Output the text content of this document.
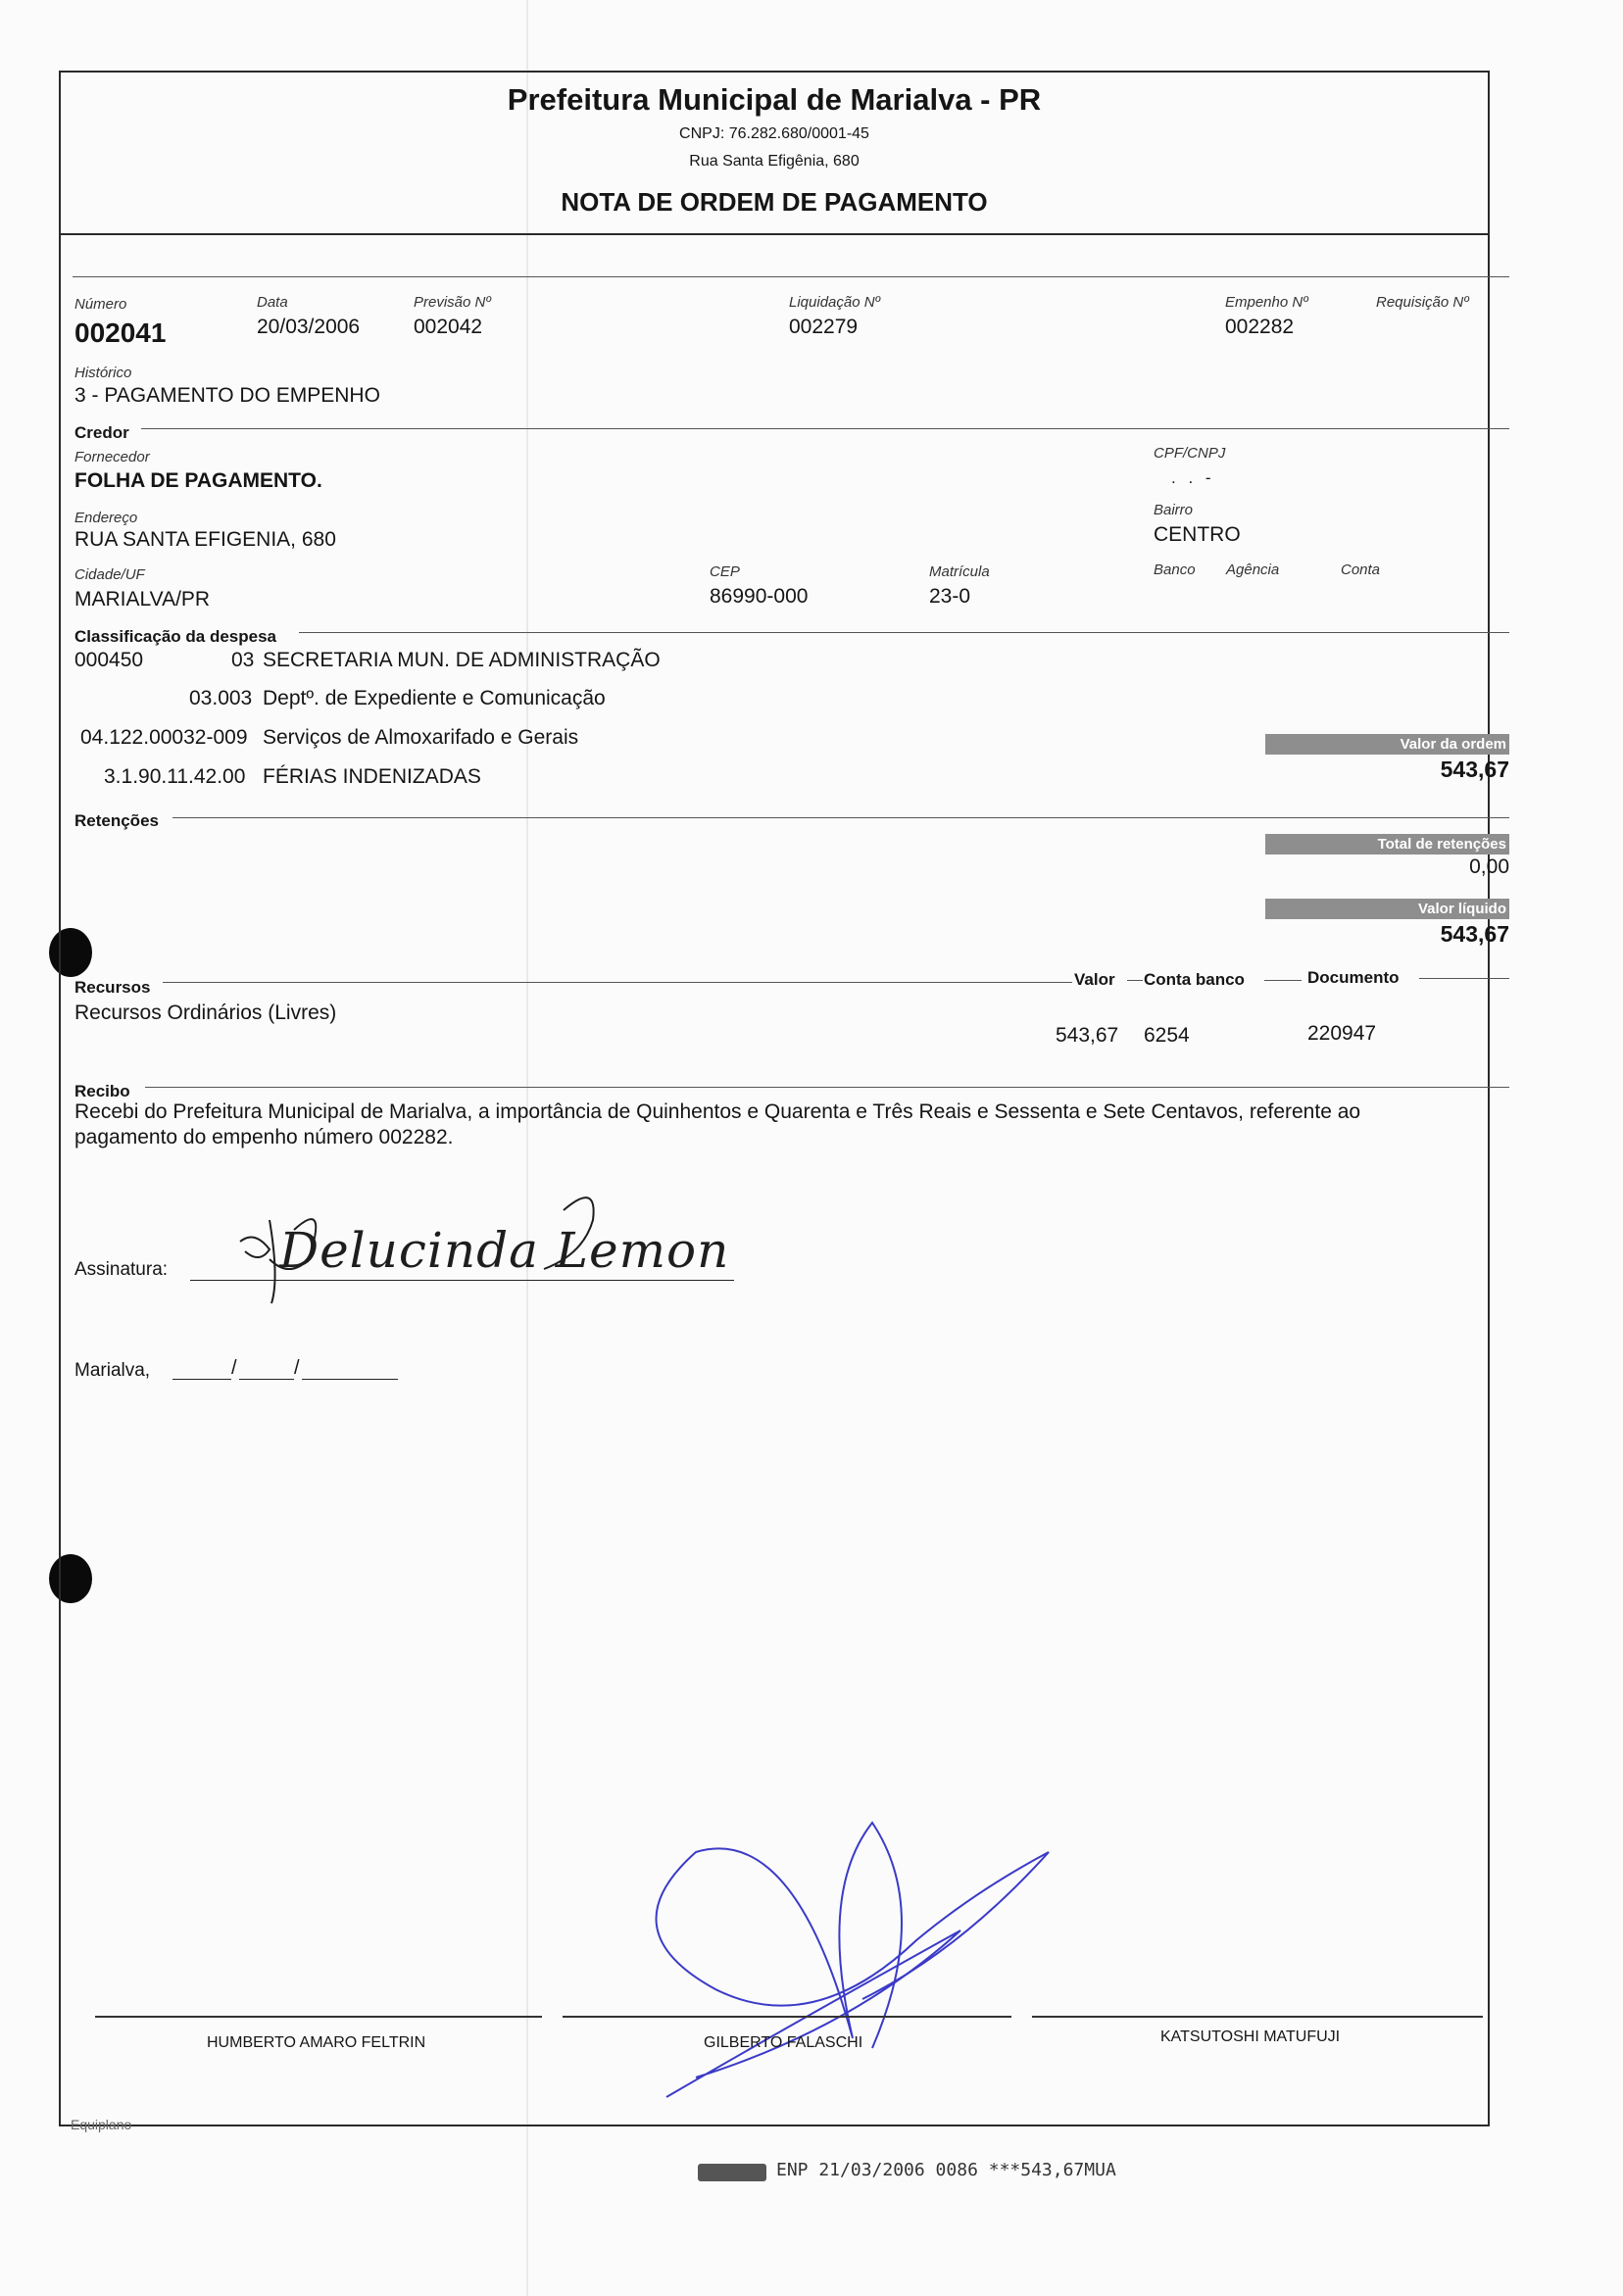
Prefeitura Municipal de Marialva - PR
CNPJ: 76.282.680/0001-45
Rua Santa Efigênia, 680
NOTA DE ORDEM DE PAGAMENTO
Número
002041
Data
20/03/2006
Previsão Nº
002042
Liquidação Nº
002279
Empenho Nº
002282
Requisição Nº
Histórico
3 - PAGAMENTO DO EMPENHO
Credor
Fornecedor
FOLHA DE PAGAMENTO.
CPF/CNPJ
. . -
Endereço
RUA SANTA EFIGENIA, 680
Bairro
CENTRO
Cidade/UF
MARIALVA/PR
CEP
86990-000
Matrícula
23-0
Banco Agência	Conta
Classificação da despesa
000450	03 SECRETARIA MUN. DE ADMINISTRAÇÃO
03.003 Deptº. de Expediente e Comunicação
04.122.00032-009 Serviços de Almoxarifado e Gerais
3.1.90.11.42.00 FÉRIAS INDENIZADAS
Valor da ordem
543,67
Retenções
Total de retenções
0,00
Valor líquido
543,67
Recursos	Valor Conta banco	Documento
Recursos Ordinários (Livres)
543,67 6254	220947
Recibo
Recebi do Prefeitura Municipal de Marialva, a importância de Quinhentos e Quarenta e Três Reais e Sessenta e Sete Centavos, referente ao pagamento do empenho número 002282.
Assinatura: Delucinda Lemon
Marialva,	/	/
HUMBERTO AMARO FELTRIN	GILBERTO FALASCHI	KATSUTOSHI MATUFUJI
Equiplano
ENP 21/03/2006 0086 ***543,67MUA
